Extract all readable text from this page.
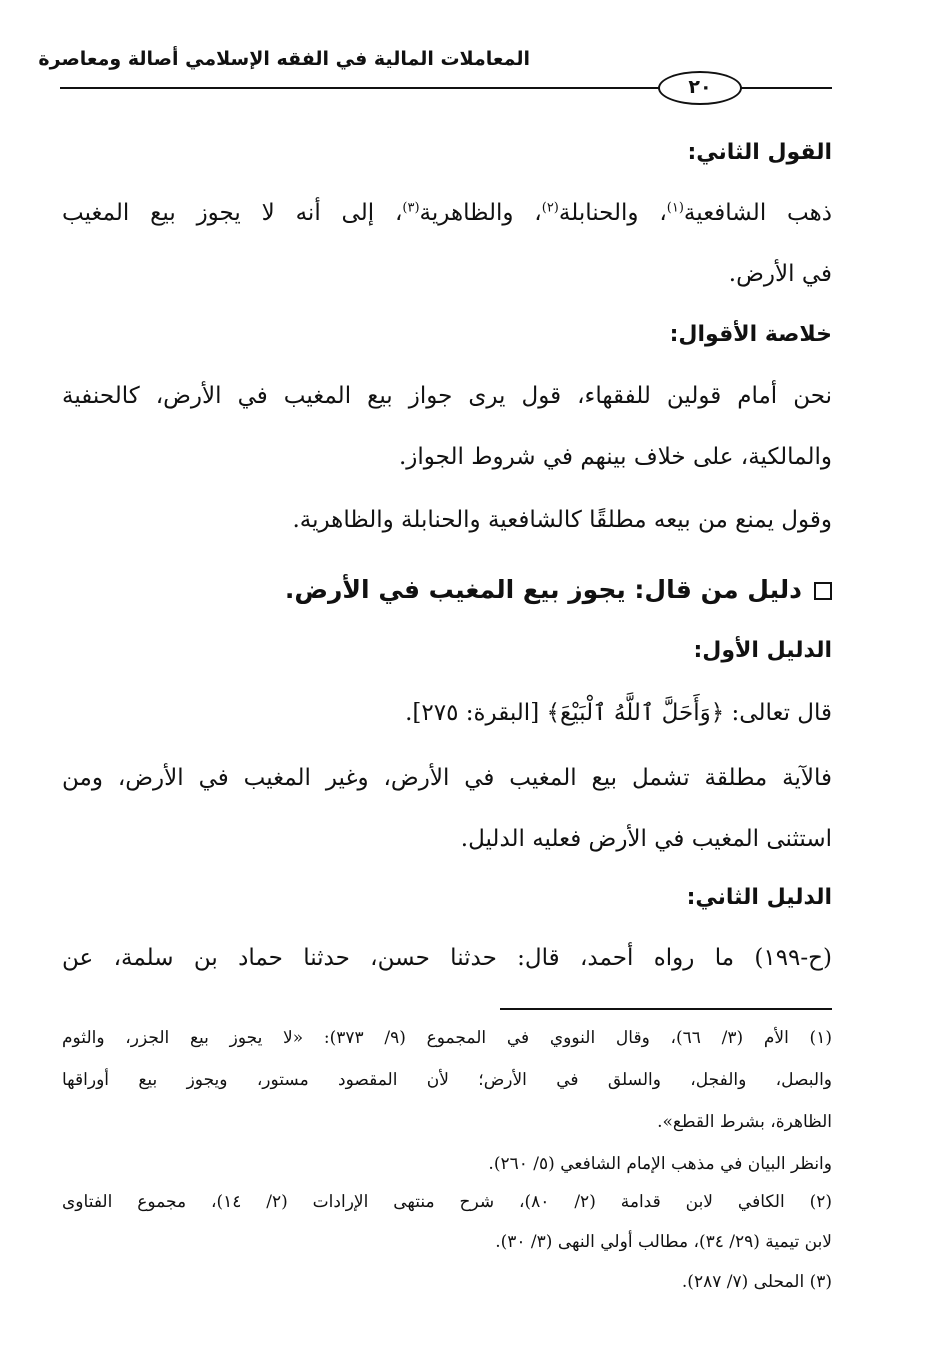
المعاملات المالية في الفقه الإسلامي أصالة ومعاصرة
٢٠
القول الثاني:
ذهب الشافعية$^{(١)}$، والحنابلة$^{(٢)}$، والظاهرية$^{(٣)}$، إلى أنه لا يجوز بيع المغيب
في الأرض.
خلاصة الأقوال:
نحن أمام قولين للفقهاء، قول يرى جواز بيع المغيب في الأرض، كالحنفية
والمالكية، على خلاف بينهم في شروط الجواز.
وقول يمنع من بيعه مطلقًا كالشافعية والحنابلة والظاهرية.
دليل من قال: يجوز بيع المغيب في الأرض.
الدليل الأول:
قال تعالى: ﴿وَأَحَلَّ ٱللَّهُ ٱلْبَيْعَ﴾ [البقرة: ٢٧٥].
فالآية مطلقة تشمل بيع المغيب في الأرض، وغير المغيب في الأرض، ومن
استثنى المغيب في الأرض فعليه الدليل.
الدليل الثاني:
(ح-١٩٩) ما رواه أحمد، قال: حدثنا حسن، حدثنا حماد بن سلمة، عن
(١) الأم (٣/ ٦٦)، وقال النووي في المجموع (٩/ ٣٧٣): «لا يجوز بيع الجزر، والثوم
والبصل، والفجل، والسلق في الأرض؛ لأن المقصود مستور، ويجوز بيع أوراقها
الظاهرة، بشرط القطع».
وانظر البيان في مذهب الإمام الشافعي (٥/ ٢٦٠).
(٢) الكافي لابن قدامة (٢/ ٨٠)، شرح منتهى الإرادات (٢/ ١٤)، مجموع الفتاوى
لابن تيمية (٢٩/ ٣٤)، مطالب أولي النهى (٣/ ٣٠).
(٣) المحلى (٧/ ٢٨٧).
